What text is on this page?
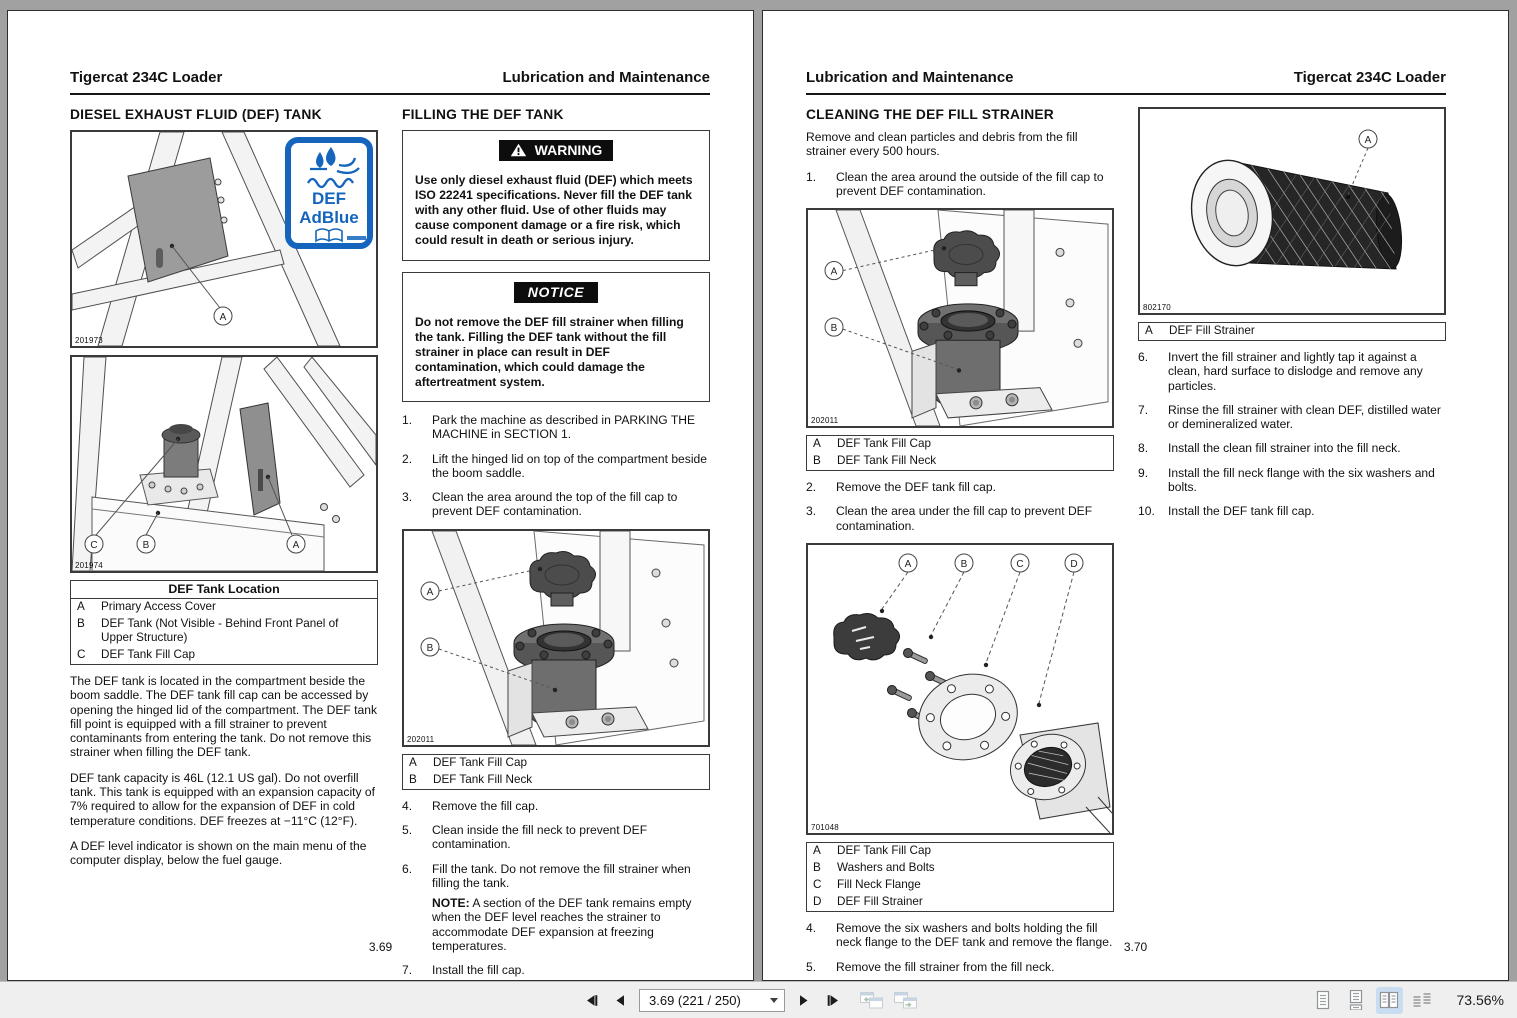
Tigercat 234C Loader	Lubrication and Maintenance
DIESEL EXHAUST FLUID (DEF) TANK
A
DEF
AdBlue
201973
C	B	A
201974
DEF Tank Location
A	Primary Access Cover
B	DEF Tank (Not Visible - Behind Front Panel of Upper Structure)
C	DEF Tank Fill Cap

The DEF tank is located in the compartment beside the boom saddle. The DEF tank fill cap can be accessed by opening the hinged lid of the compartment. The DEF tank fill point is equipped with a fill strainer to prevent contaminants from entering the tank. Do not remove this strainer when filling the DEF tank.

DEF tank capacity is 46L (12.1 US gal). Do not overfill tank. This tank is equipped with an expansion capacity of 7% required to allow for the expansion of DEF in cold temperature conditions. DEF freezes at −11°C (12°F).

A DEF level indicator is shown on the main menu of the computer display, below the fuel gauge.

FILLING THE DEF TANK
WARNING
Use only diesel exhaust fluid (DEF) which meets ISO 22241 specifications. Never fill the DEF tank with any other fluid. Use of other fluids may cause component damage or a fire risk, which could result in death or serious injury.
NOTICE
Do not remove the DEF fill strainer when filling the tank. Filling the DEF tank without the fill strainer in place can result in DEF contamination, which could damage the aftertreatment system.
1.	Park the machine as described in PARKING THE MACHINE in SECTION 1.
2.	Lift the hinged lid on top of the compartment beside the boom saddle.
3.	Clean the area around the top of the fill cap to prevent DEF contamination.
A
B
202011
A	DEF Tank Fill Cap
B	DEF Tank Fill Neck
4.	Remove the fill cap.
5.	Clean inside the fill neck to prevent DEF contamination.
6.	Fill the tank. Do not remove the fill strainer when filling the tank.

NOTE: A section of the DEF tank remains empty when the DEF level reaches the strainer to accommodate DEF expansion at freezing temperatures.

7.	Install the fill cap.
3.69
Lubrication and Maintenance	Tigercat 234C Loader
CLEANING THE DEF FILL STRAINER

Remove and clean particles and debris from the fill strainer every 500 hours.

1.	Clean the area around the outside of the fill cap to prevent DEF contamination.
A
B
202011
A	DEF Tank Fill Cap
B	DEF Tank Fill Neck
2.	Remove the DEF tank fill cap.
3.	Clean the area under the fill cap to prevent DEF contamination.
A	B	C	D
701048
A	DEF Tank Fill Cap
B	Washers and Bolts
C	Fill Neck Flange
D	DEF Fill Strainer
4.	Remove the six washers and bolts holding the fill neck flange to the DEF tank and remove the flange.
5.	Remove the fill strainer from the fill neck.
A
802170
A	DEF Fill Strainer
6.	Invert the fill strainer and lightly tap it against a clean, hard surface to dislodge and remove any particles.
7.	Rinse the fill strainer with clean DEF, distilled water or demineralized water.
8.	Install the clean fill strainer into the fill neck.
9.	Install the fill neck flange with the six washers and bolts.
10.	Install the DEF tank fill cap.
3.70
3.69 (221 / 250)	73.56%
